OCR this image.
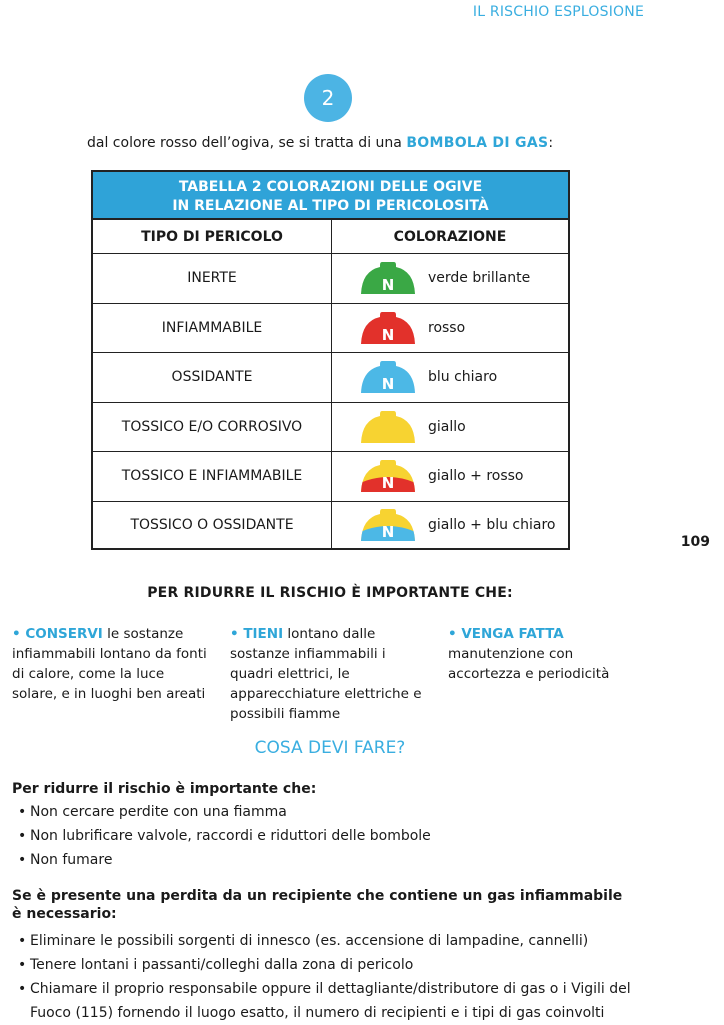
IL RISCHIO ESPLOSIONE
2
dal colore rosso dell’ogiva, se si tratta di una BOMBOLA DI GAS:
TABELLA 2 COLORAZIONI DELLE OGIVE
IN RELAZIONE AL TIPO DI PERICOLOSITÀ
TIPO DI PERICOLO	COLORAZIONE
INERTE	N verde brillante
INFIAMMABILE	N rosso
OSSIDANTE	N blu chiaro
TOSSICO E/O CORROSIVO	giallo
TOSSICO E INFIAMMABILE	N giallo + rosso
TOSSICO O OSSIDANTE	N giallo + blu chiaro
109
PER RIDURRE IL RISCHIO È IMPORTANTE CHE:
• CONSERVI le sostanze infiammabili lontano da fonti di calore, come la luce solare, e in luoghi ben areati
• TIENI lontano dalle sostanze infiammabili i quadri elettrici, le apparecchiature elettriche e possibili fiamme
• VENGA FATTA manutenzione con accortezza e periodicità
COSA DEVI FARE?
Per ridurre il rischio è importante che:
• Non cercare perdite con una fiamma
• Non lubrificare valvole, raccordi e riduttori delle bombole
• Non fumare
Se è presente una perdita da un recipiente che contiene un gas infiammabile è necessario:
• Eliminare le possibili sorgenti di innesco (es. accensione di lampadine, cannelli)
• Tenere lontani i passanti/colleghi dalla zona di pericolo
• Chiamare il proprio responsabile oppure il dettagliante/distributore di gas o i Vigili del Fuoco (115) fornendo il luogo esatto, il numero di recipienti e i tipi di gas coinvolti
